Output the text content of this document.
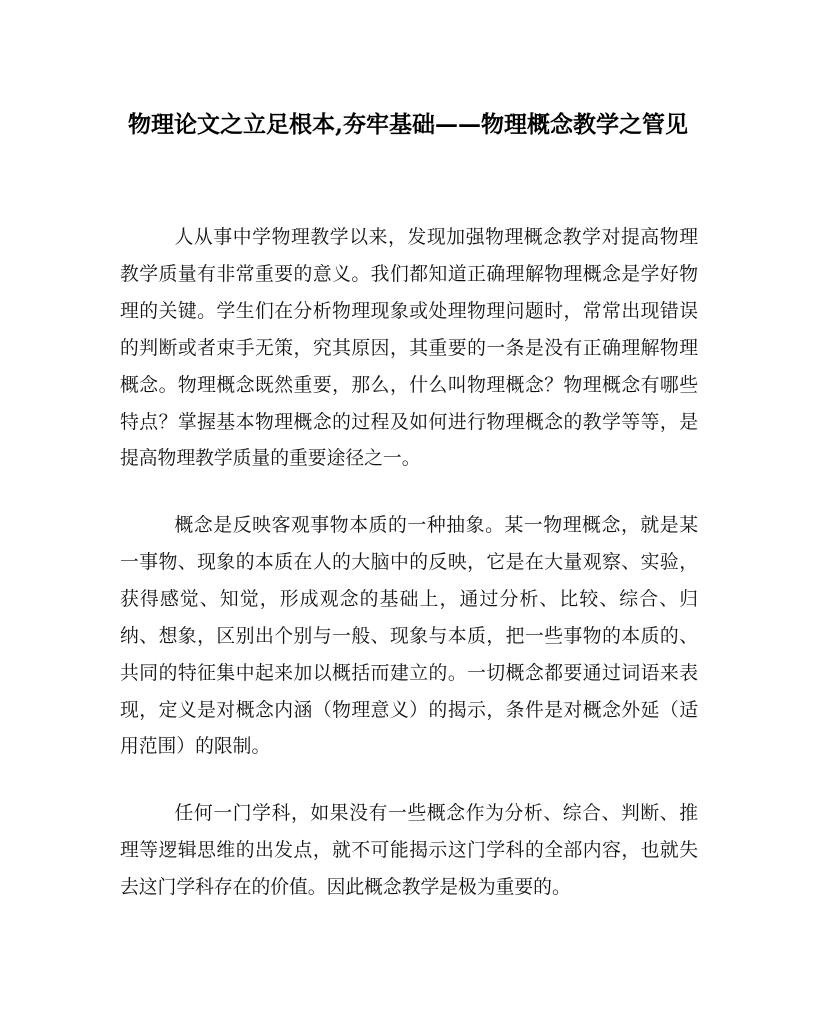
物理论文之立足根本,夯牢基础——物理概念教学之管见

人从事中学物理教学以来，发现加强物理概念教学对提高物理教学质量有非常重要的意义。我们都知道正确理解物理概念是学好物理的关键。学生们在分析物理现象或处理物理问题时，常常出现错误的判断或者束手无策，究其原因，其重要的一条是没有正确理解物理概念。物理概念既然重要，那么，什么叫物理概念？物理概念有哪些特点？掌握基本物理概念的过程及如何进行物理概念的教学等等，是提高物理教学质量的重要途径之一。

概念是反映客观事物本质的一种抽象。某一物理概念，就是某一事物、现象的本质在人的大脑中的反映，它是在大量观察、实验，获得感觉、知觉，形成观念的基础上，通过分析、比较、综合、归纳、想象，区别出个别与一般、现象与本质，把一些事物的本质的、共同的特征集中起来加以概括而建立的。一切概念都要通过词语来表现，定义是对概念内涵（物理意义）的揭示，条件是对概念外延（适用范围）的限制。

任何一门学科，如果没有一些概念作为分析、综合、判断、推理等逻辑思维的出发点，就不可能揭示这门学科的全部内容，也就失去这门学科存在的价值。因此概念教学是极为重要的。
